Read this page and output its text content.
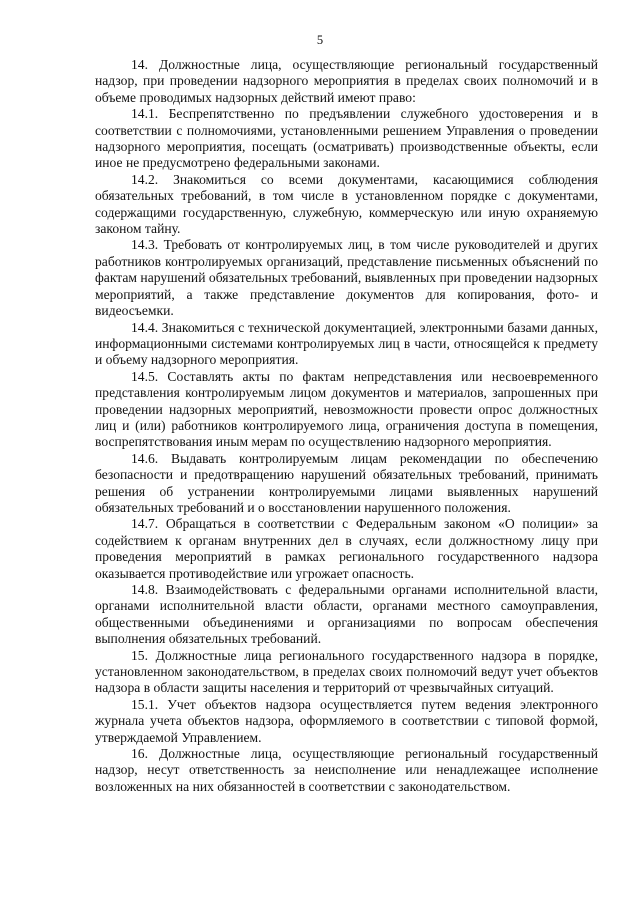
5

14. Должностные лица, осуществляющие региональный государственный надзор, при проведении надзорного мероприятия в пределах своих полномочий и в объеме проводимых надзорных действий имеют право:

14.1. Беспрепятственно по предъявлении служебного удостоверения и в соответствии с полномочиями, установленными решением Управления о проведении надзорного мероприятия, посещать (осматривать) производственные объекты, если иное не предусмотрено федеральными законами.

14.2. Знакомиться со всеми документами, касающимися соблюдения обязательных требований, в том числе в установленном порядке с документами, содержащими государственную, служебную, коммерческую или иную охраняемую законом тайну.

14.3. Требовать от контролируемых лиц, в том числе руководителей и других работников контролируемых организаций, представление письменных объяснений по фактам нарушений обязательных требований, выявленных при проведении надзорных мероприятий, а также представление документов для копирования, фото- и видеосъемки.

14.4. Знакомиться с технической документацией, электронными базами данных, информационными системами контролируемых лиц в части, относящейся к предмету и объему надзорного мероприятия.

14.5. Составлять акты по фактам непредставления или несвоевременного представления контролируемым лицом документов и материалов, запрошенных при проведении надзорных мероприятий, невозможности провести опрос должностных лиц и (или) работников контролируемого лица, ограничения доступа в помещения, воспрепятствования иным мерам по осуществлению надзорного мероприятия.

14.6. Выдавать контролируемым лицам рекомендации по обеспечению безопасности и предотвращению нарушений обязательных требований, принимать решения об устранении контролируемыми лицами выявленных нарушений обязательных требований и о восстановлении нарушенного положения.

14.7. Обращаться в соответствии с Федеральным законом «О полиции» за содействием к органам внутренних дел в случаях, если должностному лицу при проведения мероприятий в рамках регионального государственного надзора оказывается противодействие или угрожает опасность.

14.8. Взаимодействовать с федеральными органами исполнительной власти, органами исполнительной власти области, органами местного самоуправления, общественными объединениями и организациями по вопросам обеспечения выполнения обязательных требований.

15. Должностные лица регионального государственного надзора в порядке, установленном законодательством, в пределах своих полномочий ведут учет объектов надзора в области защиты населения и территорий от чрезвычайных ситуаций.

15.1. Учет объектов надзора осуществляется путем ведения электронного журнала учета объектов надзора, оформляемого в соответствии с типовой формой, утверждаемой Управлением.

16. Должностные лица, осуществляющие региональный государственный надзор, несут ответственность за неисполнение или ненадлежащее исполнение возложенных на них обязанностей в соответствии с законодательством.
